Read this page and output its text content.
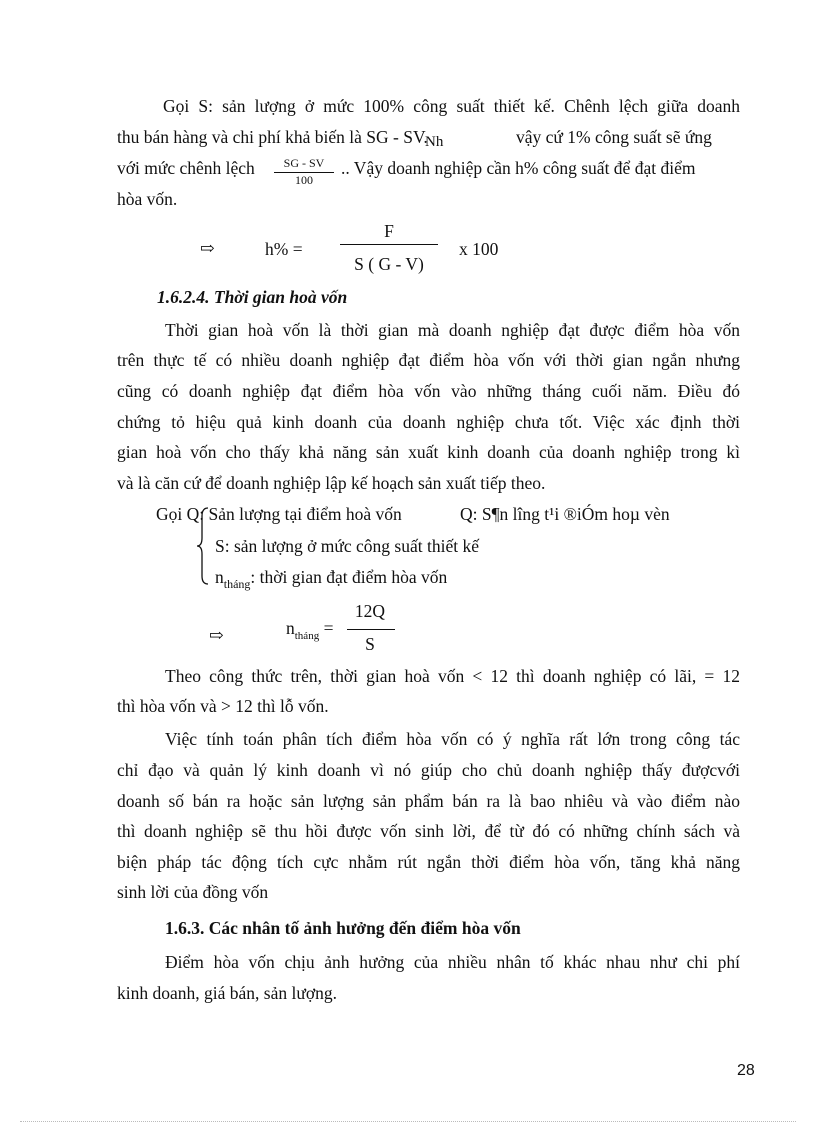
Gọi S: sản lượng ở mức 100% công suất thiết kế. Chênh lệch giữa doanh
thu bán hàng và chi phí khả biến là SG - SV.
Nh	vậy cứ 1% công suất sẽ ứng
với mức chênh lệch	SG - SV
100
.. Vậy doanh nghiệp cần h% công suất để đạt điểm
hòa vốn.
⇨	h% =
F
S ( G - V)
x 100
1.6.2.4. Thời gian hoà vốn
Thời gian hoà vốn là thời gian mà doanh nghiệp đạt được điểm hòa vốn
trên thực tế có nhiều doanh nghiệp đạt điểm hòa vốn với thời gian ngắn nhưng
cũng có doanh nghiệp đạt điểm hòa vốn vào những tháng cuối năm. Điều đó
chứng tỏ hiệu quả kinh doanh của doanh nghiệp chưa tốt. Việc xác định thời
gian hoà vốn cho thấy khả năng sản xuất kinh doanh của doanh nghiệp trong kì
và là căn cứ để doanh nghiệp lập kế hoạch sản xuất tiếp theo.
Gọi Q: Sản lượng tại điểm hoà vốn	Q: S¶n lîng t¹i ®iÓm hoµ vèn
S: sản lượng ở mức công suất thiết kế
$n_{tháng}$: thời gian đạt điểm hòa vốn
⇨	$n_{tháng}$ =
12Q
S
Theo công thức trên, thời gian hoà vốn < 12 thì doanh nghiệp có lãi, = 12
thì hòa vốn và > 12 thì lỗ vốn.
Việc tính toán phân tích điểm hòa vốn có ý nghĩa rất lớn trong công tác
chỉ đạo và quản lý kinh doanh vì nó giúp cho chủ doanh nghiệp thấy đượcvới
doanh số bán ra hoặc sản lượng sản phẩm bán ra là bao nhiêu và vào điểm nào
thì doanh nghiệp sẽ thu hồi được vốn sinh lời, để từ đó có những chính sách và
biện pháp tác động tích cực nhằm rút ngắn thời điểm hòa vốn, tăng khả năng
sinh lời của đồng vốn
1.6.3. Các nhân tố ảnh hưởng đến điểm hòa vốn
Điểm hòa vốn chịu ảnh hưởng của nhiều nhân tố khác nhau như chi phí
kinh doanh, giá bán, sản lượng.
28
